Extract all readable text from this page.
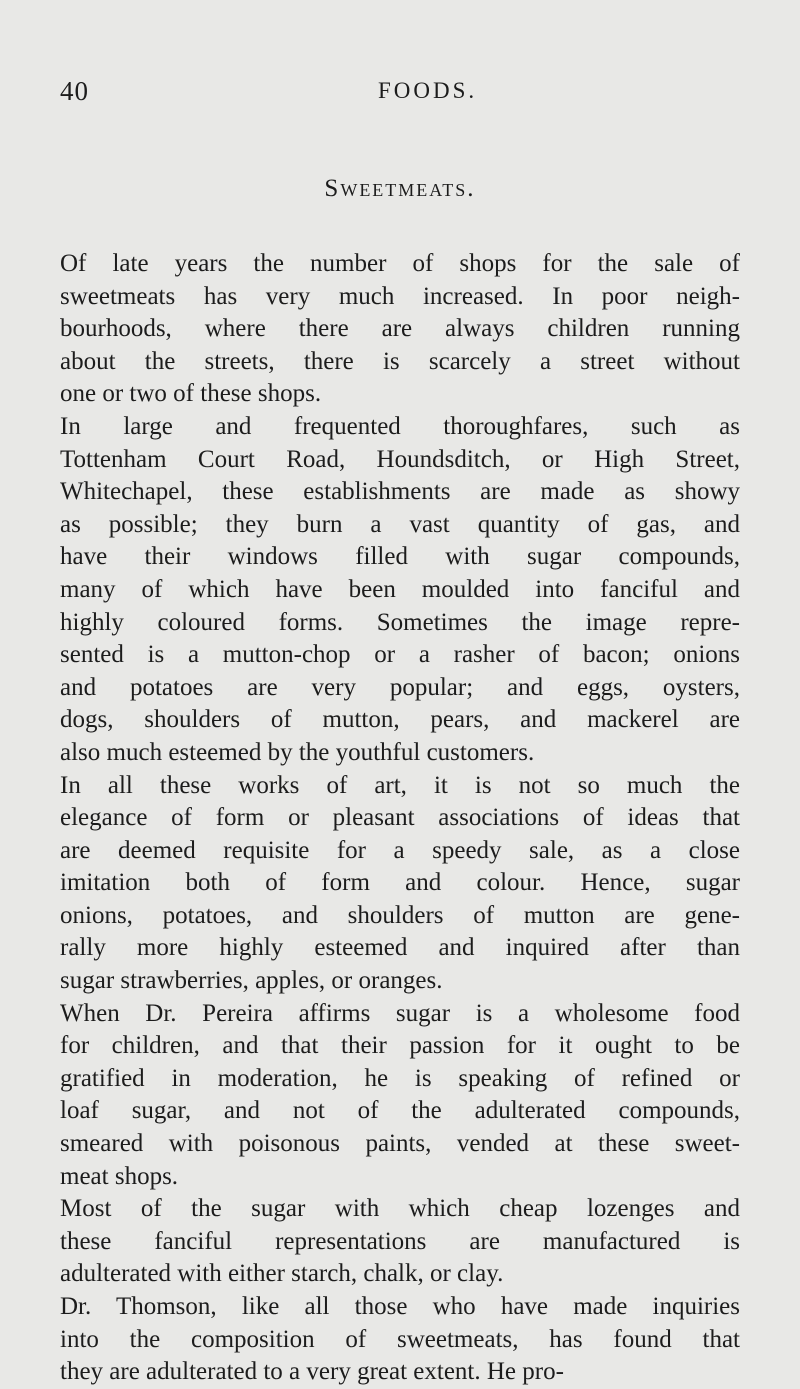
40	FOODS.
Sweetmeats.
Of late years the number of shops for the sale of
sweetmeats has very much increased. In poor neigh-
bourhoods, where there are always children running
about the streets, there is scarcely a street without
one or two of these shops.
In large and frequented thoroughfares, such as
Tottenham Court Road, Houndsditch, or High Street,
Whitechapel, these establishments are made as showy
as possible; they burn a vast quantity of gas, and
have their windows filled with sugar compounds,
many of which have been moulded into fanciful and
highly coloured forms. Sometimes the image repre-
sented is a mutton-chop or a rasher of bacon; onions
and potatoes are very popular; and eggs, oysters,
dogs, shoulders of mutton, pears, and mackerel are
also much esteemed by the youthful customers.
In all these works of art, it is not so much the
elegance of form or pleasant associations of ideas that
are deemed requisite for a speedy sale, as a close
imitation both of form and colour. Hence, sugar
onions, potatoes, and shoulders of mutton are gene-
rally more highly esteemed and inquired after than
sugar strawberries, apples, or oranges.
When Dr. Pereira affirms sugar is a wholesome food
for children, and that their passion for it ought to be
gratified in moderation, he is speaking of refined or
loaf sugar, and not of the adulterated compounds,
smeared with poisonous paints, vended at these sweet-
meat shops.
Most of the sugar with which cheap lozenges and
these fanciful representations are manufactured is
adulterated with either starch, chalk, or clay.
Dr. Thomson, like all those who have made inquiries
into the composition of sweetmeats, has found that
they are adulterated to a very great extent. He pro-
